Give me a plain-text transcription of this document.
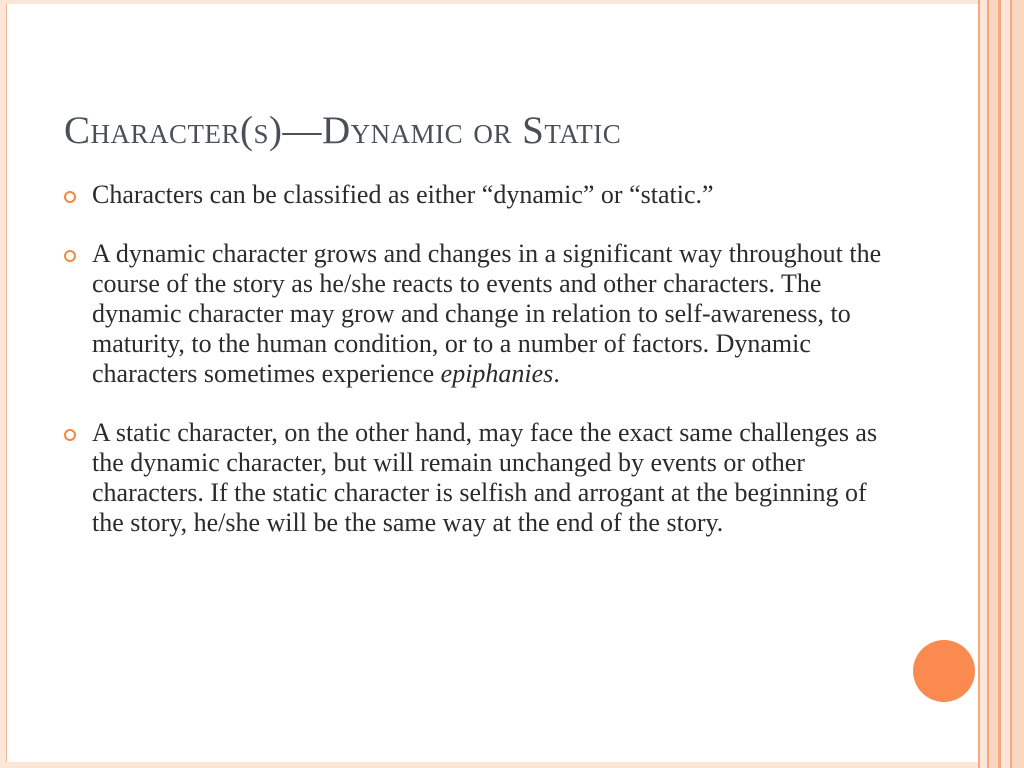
Character(s)—Dynamic or Static
Characters can be classified as either “dynamic” or “static.”
A dynamic character grows and changes in a significant way throughout the course of the story as he/she reacts to events and other characters. The dynamic character may grow and change in relation to self-awareness, to maturity, to the human condition, or to a number of factors. Dynamic characters sometimes experience epiphanies.
A static character, on the other hand, may face the exact same challenges as the dynamic character, but will remain unchanged by events or other characters. If the static character is selfish and arrogant at the beginning of the story, he/she will be the same way at the end of the story.
